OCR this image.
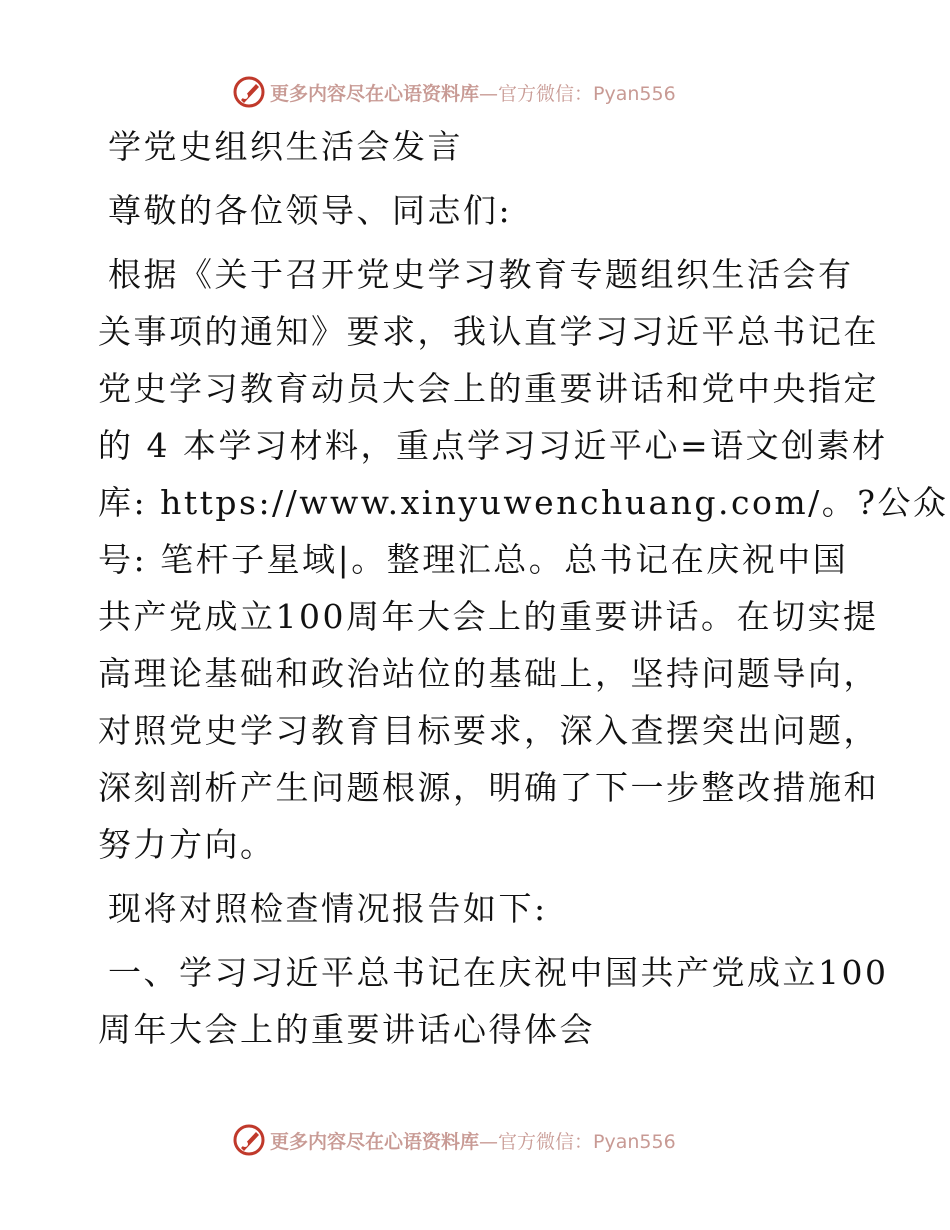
更多内容尽在心语资料库 —官方微信：Pyan556
学党史组织生活会发言
尊敬的各位领导、同志们:
根据《关于召开党史学习教育专题组织生活会有
关事项的通知》要求，我认直学习习近平总书记在
党史学习教育动员大会上的重要讲话和党中央指定
的 4 本学习材料，重点学习习近平心=语文创素材
库: https://www.xinyuwenchuang.com/。?公众
号: 笔杆子星域|。整理汇总。总书记在庆祝中国
共产党成立100周年大会上的重要讲话。在切实提
高理论基础和政治站位的基础上，坚持问题导向，
对照党史学习教育目标要求，深入查摆突出问题，
深刻剖析产生问题根源，明确了下一步整改措施和
努力方向。
现将对照检查情况报告如下:
一、学习习近平总书记在庆祝中国共产党成立100
周年大会上的重要讲话心得体会
更多内容尽在心语资料库 —官方微信：Pyan556
